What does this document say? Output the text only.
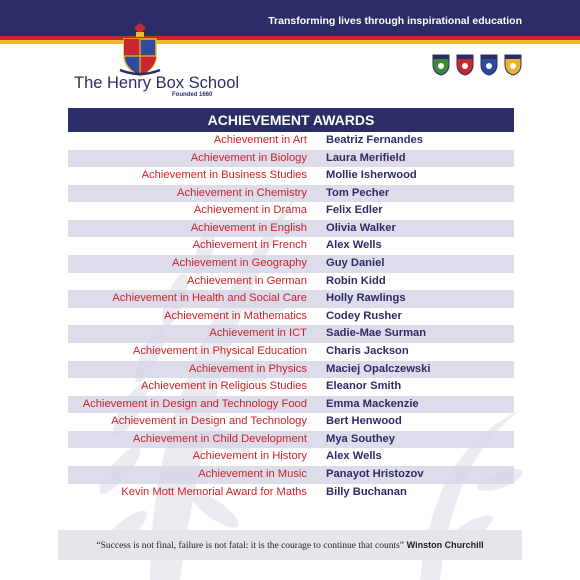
Transforming lives through inspirational education
The Henry Box School
Founded 1660
ACHIEVEMENT AWARDS
Achievement in Art Beatriz Fernandes
Achievement in Biology Laura Merifield
Achievement in Business Studies Mollie Isherwood
Achievement in Chemistry Tom Pecher
Achievement in Drama Felix Edler
Achievement in English Olivia Walker
Achievement in French Alex Wells
Achievement in Geography Guy Daniel
Achievement in German Robin Kidd
Achievement in Health and Social Care Holly Rawlings
Achievement in Mathematics Codey Rusher
Achievement in ICT Sadie-Mae Surman
Achievement in Physical Education Charis Jackson
Achievement in Physics Maciej Opalczewski
Achievement in Religious Studies Eleanor Smith
Achievement in Design and Technology Food Emma Mackenzie
Achievement in Design and Technology Bert Henwood
Achievement in Child Development Mya Southey
Achievement in History Alex Wells
Achievement in Music Panayot Hristozov
Kevin Mott Memorial Award for Maths Billy Buchanan
“Success is not final, failure is not fatal: it is the courage to continue that counts” Winston Churchill
